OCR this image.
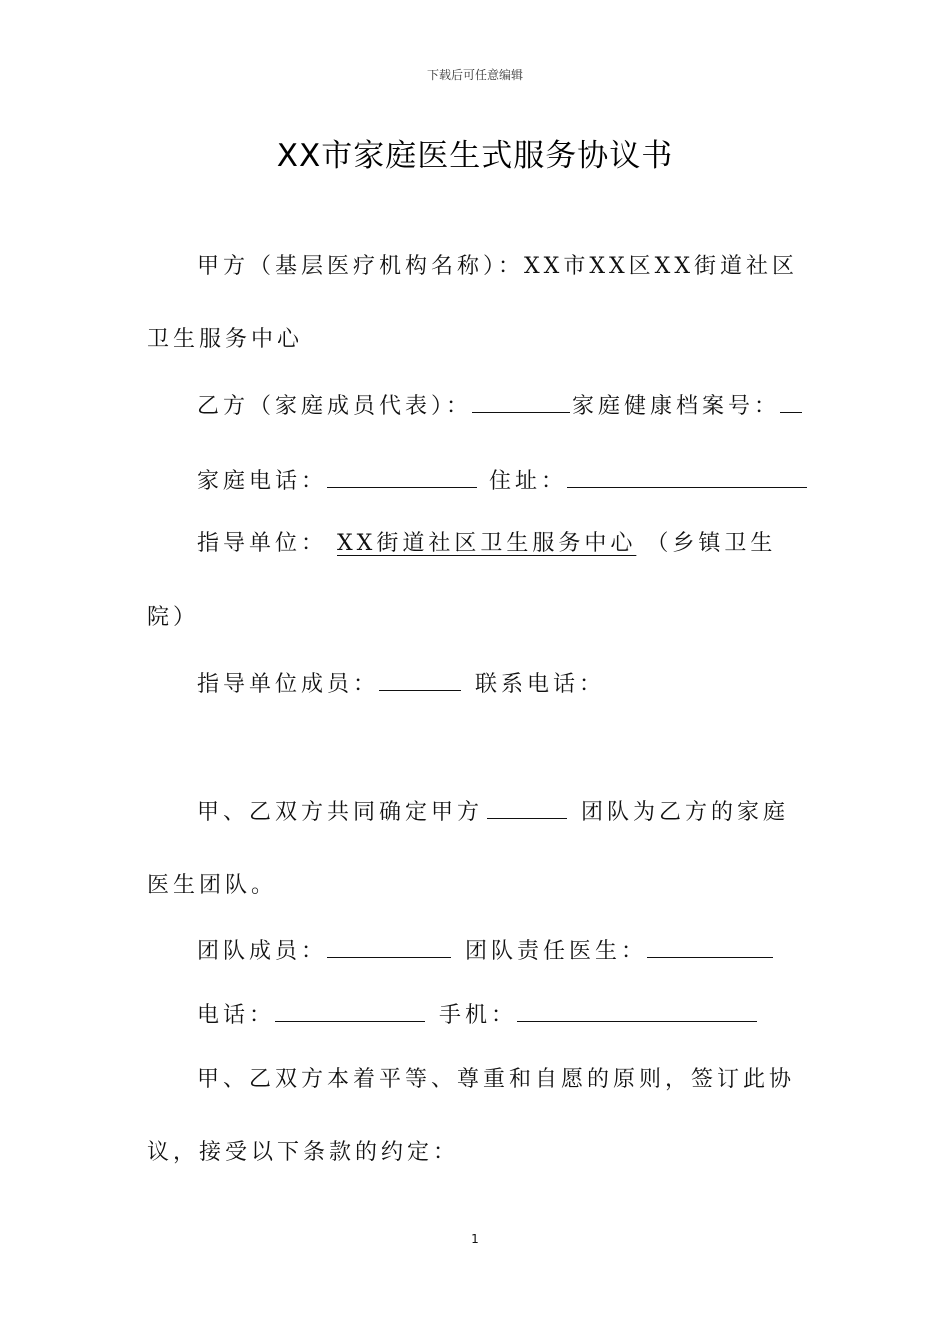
下载后可任意编辑
XX市家庭医生式服务协议书
甲方（基层医疗机构名称）：XX市XX区XX街道社区
卫生服务中心
乙方（家庭成员代表）：	家庭健康档案号：
家庭电话：	住址：
指导单位： XX街道社区卫生服务中心 （乡镇卫生
院）
指导单位成员：	联系电话：
甲、乙双方共同确定甲方	团队为乙方的家庭
医生团队。
团队成员：	团队责任医生：
电话：	手机：
甲、乙双方本着平等、尊重和自愿的原则，签订此协
议，接受以下条款的约定：
1
